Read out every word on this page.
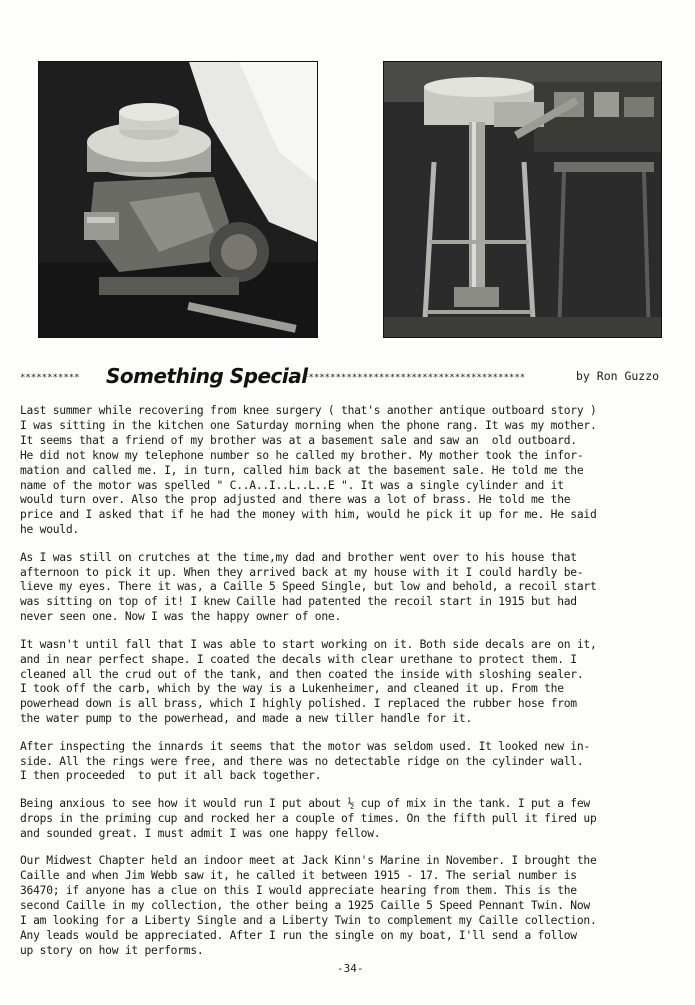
*********** Something Special
*****************************************	by Ron Guzzo

Last summer while recovering from knee surgery ( that's another antique outboard story )
I was sitting in the kitchen one Saturday morning when the phone rang. It was my mother.
It seems that a friend of my brother was at a basement sale and saw an  old outboard.
He did not know my telephone number so he called my brother. My mother took the infor-
mation and called me. I, in turn, called him back at the basement sale. He told me the
name of the motor was spelled " C..A..I..L..L..E ". It was a single cylinder and it
would turn over. Also the prop adjusted and there was a lot of brass. He told me the
price and I asked that if he had the money with him, would he pick it up for me. He said
he would.

As I was still on crutches at the time,my dad and brother went over to his house that
afternoon to pick it up. When they arrived back at my house with it I could hardly be-
lieve my eyes. There it was, a Caille 5 Speed Single, but low and behold, a recoil start
was sitting on top of it! I knew Caille had patented the recoil start in 1915 but had
never seen one. Now I was the happy owner of one.

It wasn't until fall that I was able to start working on it. Both side decals are on it,
and in near perfect shape. I coated the decals with clear urethane to protect them. I
cleaned all the crud out of the tank, and then coated the inside with sloshing sealer.
I took off the carb, which by the way is a Lukenheimer, and cleaned it up. From the
powerhead down is all brass, which I highly polished. I replaced the rubber hose from
the water pump to the powerhead, and made a new tiller handle for it.

After inspecting the innards it seems that the motor was seldom used. It looked new in-
side. All the rings were free, and there was no detectable ridge on the cylinder wall.
I then proceeded  to put it all back together.

Being anxious to see how it would run I put about ½ cup of mix in the tank. I put a few
drops in the priming cup and rocked her a couple of times. On the fifth pull it fired up
and sounded great. I must admit I was one happy fellow.

Our Midwest Chapter held an indoor meet at Jack Kinn's Marine in November. I brought the
Caille and when Jim Webb saw it, he called it between 1915 - 17. The serial number is
36470; if anyone has a clue on this I would appreciate hearing from them. This is the
second Caille in my collection, the other being a 1925 Caille 5 Speed Pennant Twin. Now
I am looking for a Liberty Single and a Liberty Twin to complement my Caille collection.
Any leads would be appreciated. After I run the single on my boat, I'll send a follow
up story on how it performs.

-34-
